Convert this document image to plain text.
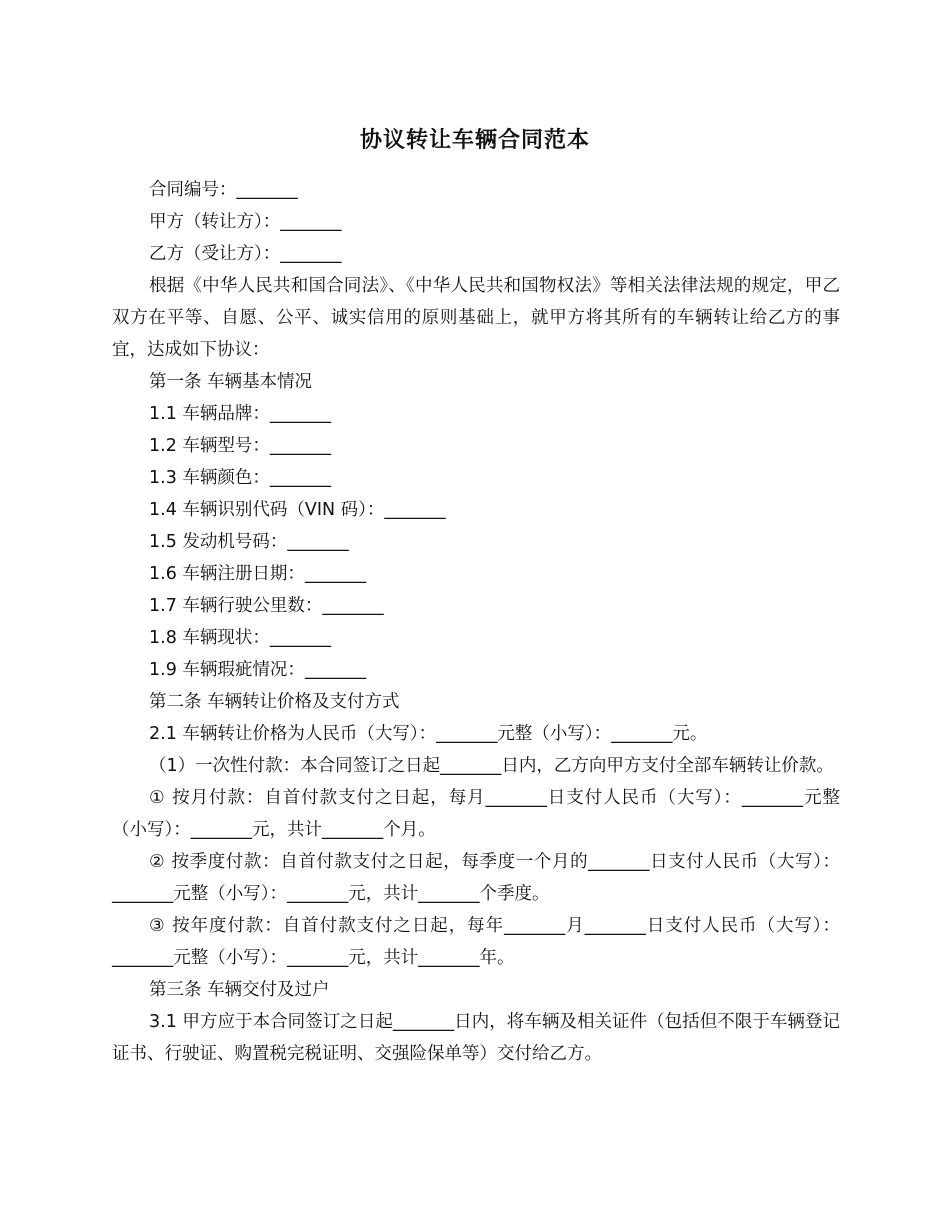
协议转让车辆合同范本

合同编号：_______

甲方（转让方）：_______

乙方（受让方）：_______

根据《中华人民共和国合同法》、《中华人民共和国物权法》等相关法律法规的规定，甲乙双方在平等、自愿、公平、诚实信用的原则基础上，就甲方将其所有的车辆转让给乙方的事宜，达成如下协议：

第一条 车辆基本情况

1.1 车辆品牌：_______

1.2 车辆型号：_______

1.3 车辆颜色：_______

1.4 车辆识别代码（VIN 码）：_______

1.5 发动机号码：_______

1.6 车辆注册日期：_______

1.7 车辆行驶公里数：_______

1.8 车辆现状：_______

1.9 车辆瑕疵情况：_______

第二条 车辆转让价格及支付方式

2.1 车辆转让价格为人民币（大写）：_______元整（小写）：_______元。

（1）一次性付款：本合同签订之日起_______日内，乙方向甲方支付全部车辆转让价款。

① 按月付款：自首付款支付之日起，每月_______日支付人民币（大写）：_______元整（小写）：_______元，共计_______个月。

② 按季度付款：自首付款支付之日起，每季度一个月的_______日支付人民币（大写）：_______元整（小写）：_______元，共计_______个季度。

③ 按年度付款：自首付款支付之日起，每年_______月_______日支付人民币（大写）：_______元整（小写）：_______元，共计_______年。

第三条 车辆交付及过户

3.1 甲方应于本合同签订之日起_______日内，将车辆及相关证件（包括但不限于车辆登记证书、行驶证、购置税完税证明、交强险保单等）交付给乙方。
